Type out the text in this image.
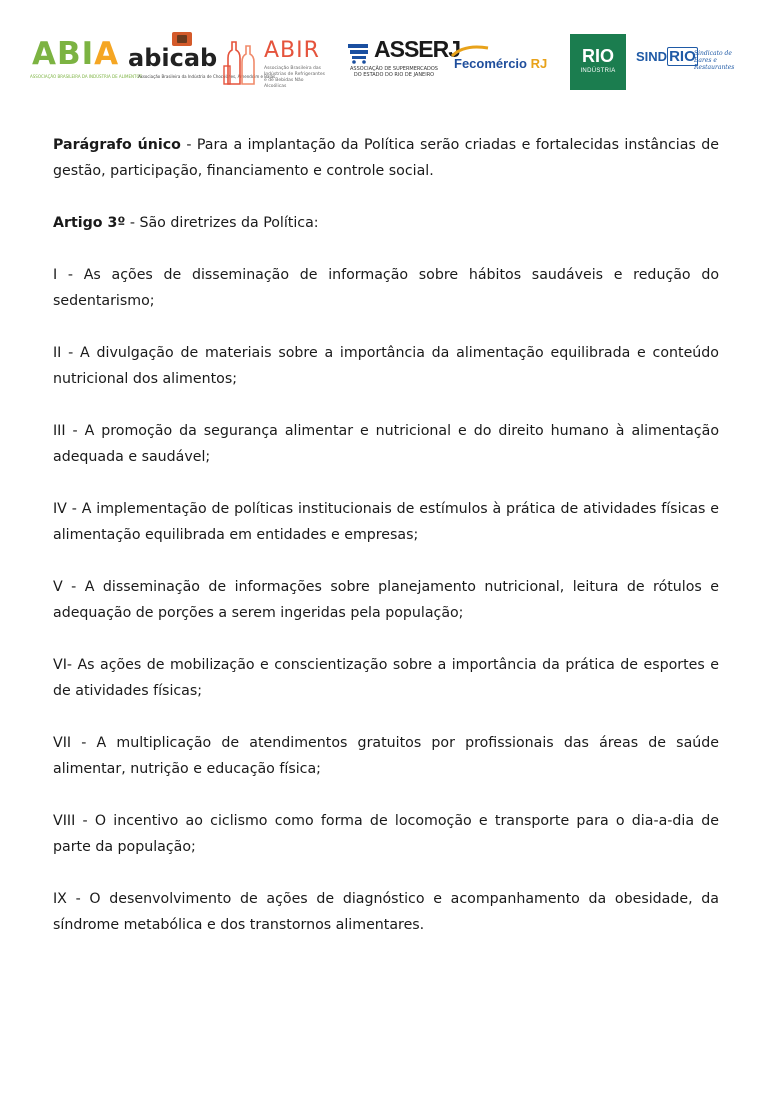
ABIA
ASSOCIAÇÃO BRASILEIRA DA INDÚSTRIA DE ALIMENTOS
abicab
Associação Brasileira da Indústria de Chocolates, Amendoim e Balas
ABIR
Associação Brasileira das Indústrias de Refrigerantes e de Bebidas Não Alcoólicas
ASSERJ
ASSOCIAÇÃO DE SUPERMERCADOS DO ESTADO DO RIO DE JANEIRO
Fecomércio RJ	RIO
INDÚSTRIA
SIND RIO
Sindicato de Bares e Restaurantes

Parágrafo único - Para a implantação da Política serão criadas e fortalecidas instâncias de gestão, participação, financiamento e controle social.

Artigo 3º - São diretrizes da Política:

I - As ações de disseminação de informação sobre hábitos saudáveis e redução do sedentarismo;

II - A divulgação de materiais sobre a importância da alimentação equilibrada e conteúdo nutricional dos alimentos;

III - A promoção da segurança alimentar e nutricional e do direito humano à alimentação adequada e saudável;

IV - A implementação de políticas institucionais de estímulos à prática de atividades físicas e alimentação equilibrada em entidades e empresas;

V - A disseminação de informações sobre planejamento nutricional, leitura de rótulos e adequação de porções a serem ingeridas pela população;

VI- As ações de mobilização e conscientização sobre a importância da prática de esportes e de atividades físicas;

VII - A multiplicação de atendimentos gratuitos por profissionais das áreas de saúde alimentar, nutrição e educação física;

VIII - O incentivo ao ciclismo como forma de locomoção e transporte para o dia-a-dia de parte da população;

IX - O desenvolvimento de ações de diagnóstico e acompanhamento da obesidade, da síndrome metabólica e dos transtornos alimentares.
